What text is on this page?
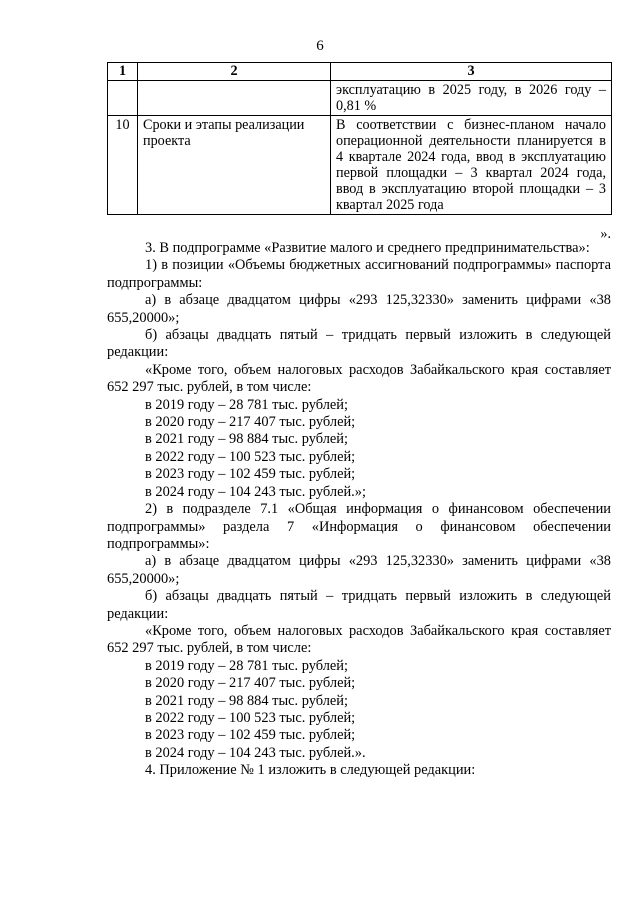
6
1	2	3
		эксплуатацию в 2025 году, в 2026 году – 0,81 %
10	Сроки и этапы реализации проекта	В соответствии с бизнес-планом начало операционной деятельности планируется в 4 квартале 2024 года, ввод в эксплуатацию первой площадки – 3 квартал 2024 года, ввод в эксплуатацию второй площадки – 3 квартал 2025 года
».

3. В подпрограмме «Развитие малого и среднего предпринимательства»:

1) в позиции «Объемы бюджетных ассигнований подпрограммы» паспорта подпрограммы:

а) в абзаце двадцатом цифры «293 125,32330» заменить цифрами «38 655,20000»;

б) абзацы двадцать пятый – тридцать первый изложить в следующей редакции:

«Кроме того, объем налоговых расходов Забайкальского края составляет 652 297 тыс. рублей, в том числе:

в 2019 году – 28 781 тыс. рублей;

в 2020 году – 217 407 тыс. рублей;

в 2021 году – 98 884 тыс. рублей;

в 2022 году – 100 523 тыс. рублей;

в 2023 году – 102 459 тыс. рублей;

в 2024 году – 104 243 тыс. рублей.»;

2) в подразделе 7.1 «Общая информация о финансовом обеспечении подпрограммы» раздела 7 «Информация о финансовом обеспечении подпрограммы»:

а) в абзаце двадцатом цифры «293 125,32330» заменить цифрами «38 655,20000»;

б) абзацы двадцать пятый – тридцать первый изложить в следующей редакции:

«Кроме того, объем налоговых расходов Забайкальского края составляет 652 297 тыс. рублей, в том числе:

в 2019 году – 28 781 тыс. рублей;

в 2020 году – 217 407 тыс. рублей;

в 2021 году – 98 884 тыс. рублей;

в 2022 году – 100 523 тыс. рублей;

в 2023 году – 102 459 тыс. рублей;

в 2024 году – 104 243 тыс. рублей.».

4. Приложение № 1 изложить в следующей редакции:
